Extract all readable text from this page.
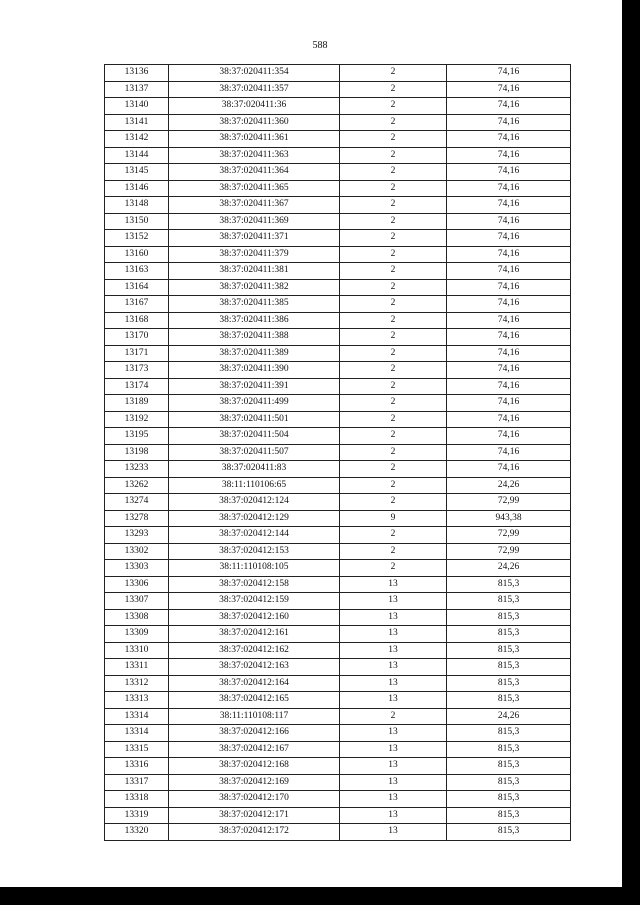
588
13136	38:37:020411:354	2	74,16
13137	38:37:020411:357	2	74,16
13140	38:37:020411:36	2	74,16
13141	38:37:020411:360	2	74,16
13142	38:37:020411:361	2	74,16
13144	38:37:020411:363	2	74,16
13145	38:37:020411:364	2	74,16
13146	38:37:020411:365	2	74,16
13148	38:37:020411:367	2	74,16
13150	38:37:020411:369	2	74,16
13152	38:37:020411:371	2	74,16
13160	38:37:020411:379	2	74,16
13163	38:37:020411:381	2	74,16
13164	38:37:020411:382	2	74,16
13167	38:37:020411:385	2	74,16
13168	38:37:020411:386	2	74,16
13170	38:37:020411:388	2	74,16
13171	38:37:020411:389	2	74,16
13173	38:37:020411:390	2	74,16
13174	38:37:020411:391	2	74,16
13189	38:37:020411:499	2	74,16
13192	38:37:020411:501	2	74,16
13195	38:37:020411:504	2	74,16
13198	38:37:020411:507	2	74,16
13233	38:37:020411:83	2	74,16
13262	38:11:110106:65	2	24,26
13274	38:37:020412:124	2	72,99
13278	38:37:020412:129	9	943,38
13293	38:37:020412:144	2	72,99
13302	38:37:020412:153	2	72,99
13303	38:11:110108:105	2	24,26
13306	38:37:020412:158	13	815,3
13307	38:37:020412:159	13	815,3
13308	38:37:020412:160	13	815,3
13309	38:37:020412:161	13	815,3
13310	38:37:020412:162	13	815,3
13311	38:37:020412:163	13	815,3
13312	38:37:020412:164	13	815,3
13313	38:37:020412:165	13	815,3
13314	38:11:110108:117	2	24,26
13314	38:37:020412:166	13	815,3
13315	38:37:020412:167	13	815,3
13316	38:37:020412:168	13	815,3
13317	38:37:020412:169	13	815,3
13318	38:37:020412:170	13	815,3
13319	38:37:020412:171	13	815,3
13320	38:37:020412:172	13	815,3
